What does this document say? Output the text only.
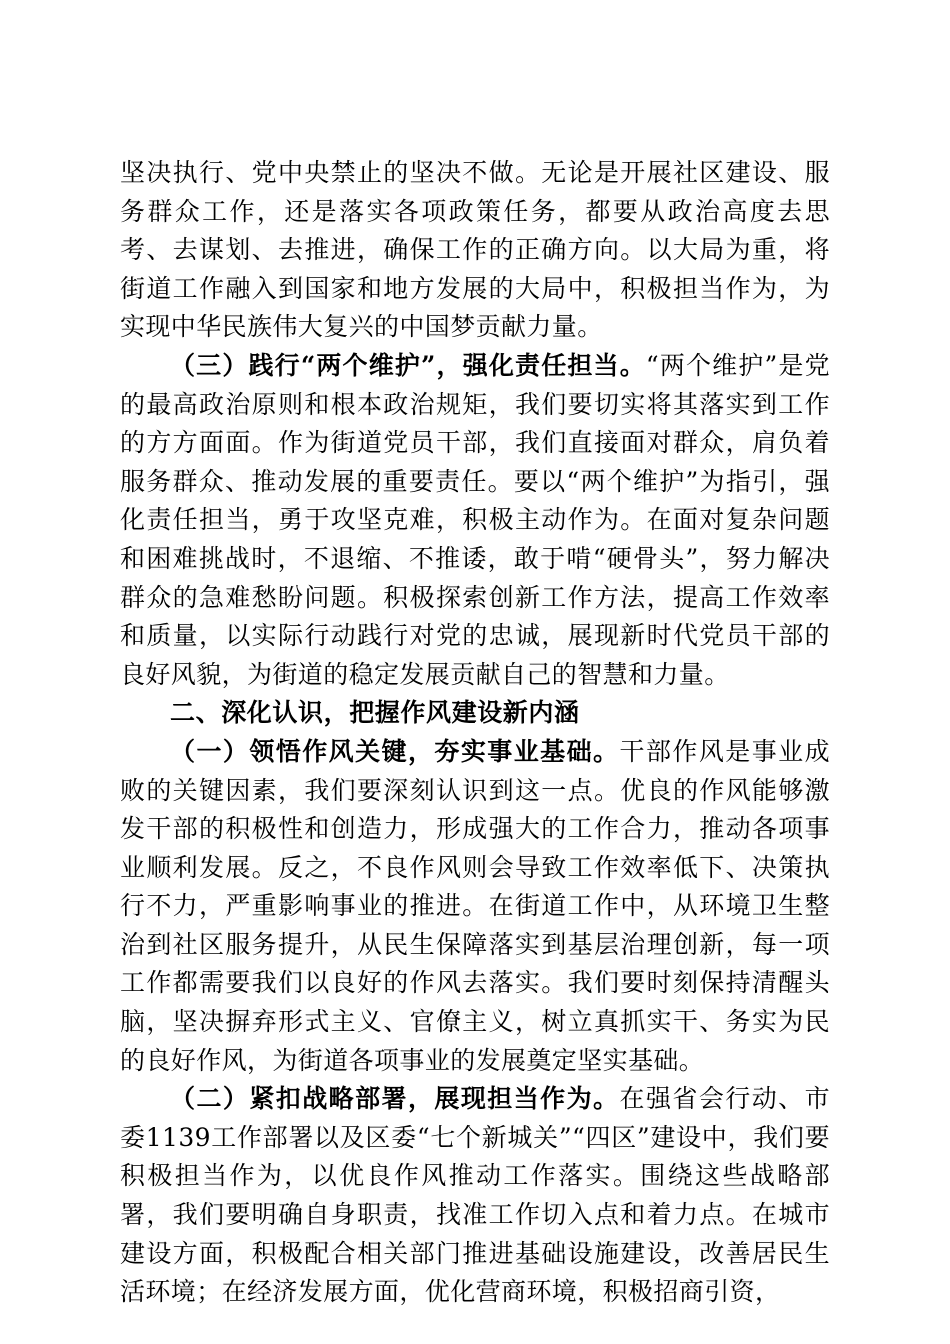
坚决执行、党中央禁止的坚决不做。无论是开展社区建设、服务群众工作，还是落实各项政策任务，都要从政治高度去思考、去谋划、去推进，确保工作的正确方向。以大局为重，将街道工作融入到国家和地方发展的大局中，积极担当作为，为实现中华民族伟大复兴的中国梦贡献力量。

（三）践行“两个维护”，强化责任担当。“两个维护”是党的最高政治原则和根本政治规矩，我们要切实将其落实到工作的方方面面。作为街道党员干部，我们直接面对群众，肩负着服务群众、推动发展的重要责任。要以“两个维护”为指引，强化责任担当，勇于攻坚克难，积极主动作为。在面对复杂问题和困难挑战时，不退缩、不推诿，敢于啃“硬骨头”，努力解决群众的急难愁盼问题。积极探索创新工作方法，提高工作效率和质量，以实际行动践行对党的忠诚，展现新时代党员干部的良好风貌，为街道的稳定发展贡献自己的智慧和力量。

二、深化认识，把握作风建设新内涵

（一）领悟作风关键，夯实事业基础。干部作风是事业成败的关键因素，我们要深刻认识到这一点。优良的作风能够激发干部的积极性和创造力，形成强大的工作合力，推动各项事业顺利发展。反之，不良作风则会导致工作效率低下、决策执行不力，严重影响事业的推进。在街道工作中，从环境卫生整治到社区服务提升，从民生保障落实到基层治理创新，每一项工作都需要我们以良好的作风去落实。我们要时刻保持清醒头脑，坚决摒弃形式主义、官僚主义，树立真抓实干、务实为民的良好作风，为街道各项事业的发展奠定坚实基础。

（二）紧扣战略部署，展现担当作为。在强省会行动、市委1139工作部署以及区委“七个新城关”“四区”建设中，我们要积极担当作为，以优良作风推动工作落实。围绕这些战略部署，我们要明确自身职责，找准工作切入点和着力点。在城市建设方面，积极配合相关部门推进基础设施建设，改善居民生活环境；在经济发展方面，优化营商环境，积极招商引资，
